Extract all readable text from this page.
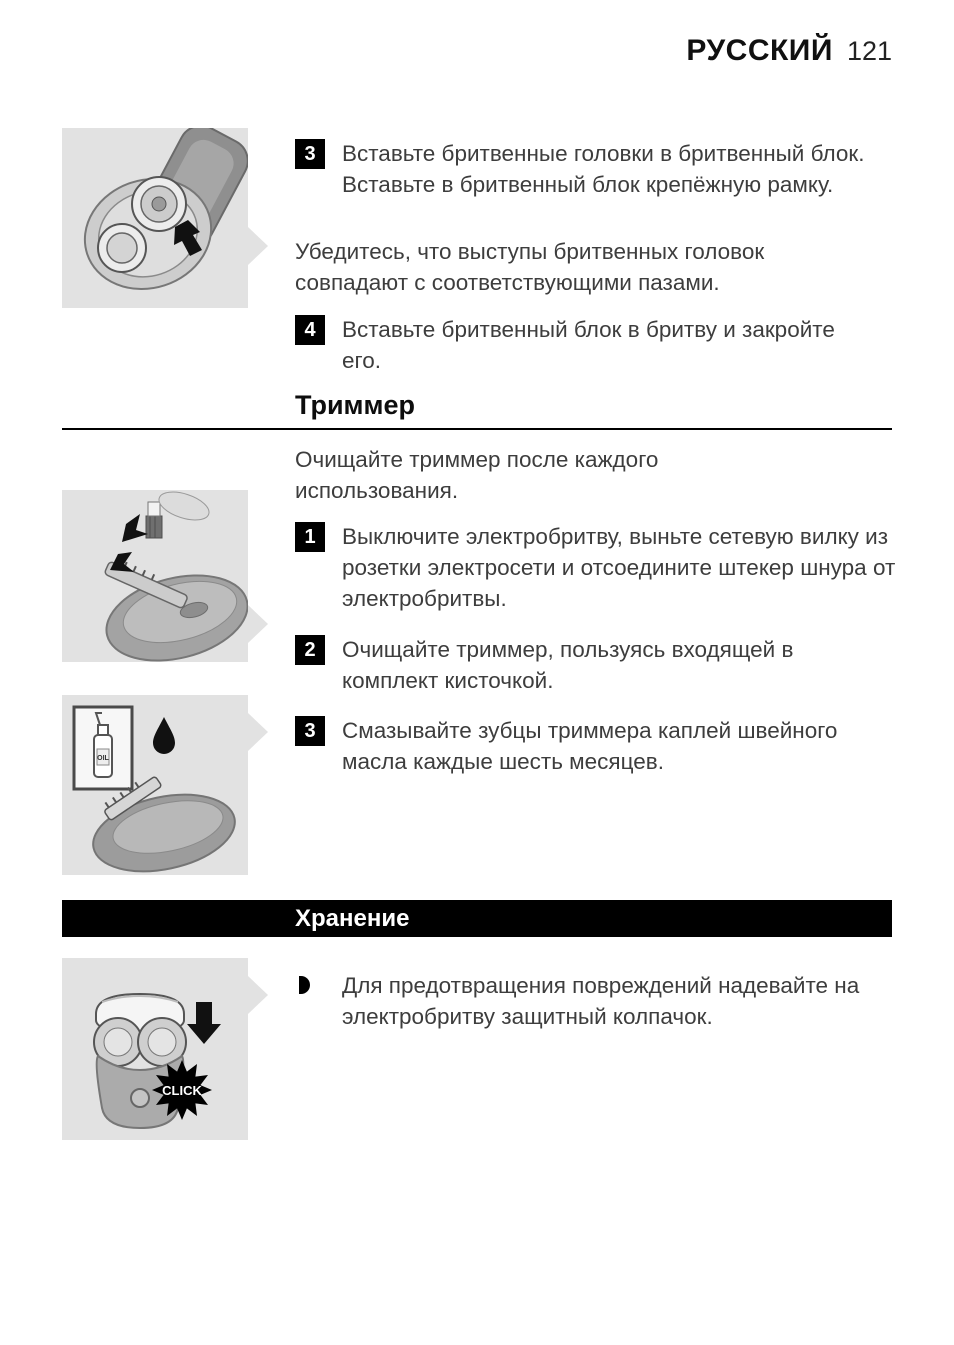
РУССКИЙ 121
3	Вставьте бритвенные головки в бритвенный блок. Вставьте в бритвенный блок крепёжную рамку.
Убедитесь, что выступы бритвенных головок совпадают с соответствующими пазами.
4	Вставьте бритвенный блок в бритву и закройте его.
Триммер
Очищайте триммер после каждого использования.
1	Выключите электробритву, выньте сетевую вилку из розетки электросети и отсоедините штекер шнура от электробритвы.
2	Очищайте триммер, пользуясь входящей в комплект кисточкой.
OIL
3	Смазывайте зубцы триммера каплей швейного масла каждые шесть месяцев.
Хранение
CLICK
Для предотвращения повреждений надевайте на электробритву защитный колпачок.
